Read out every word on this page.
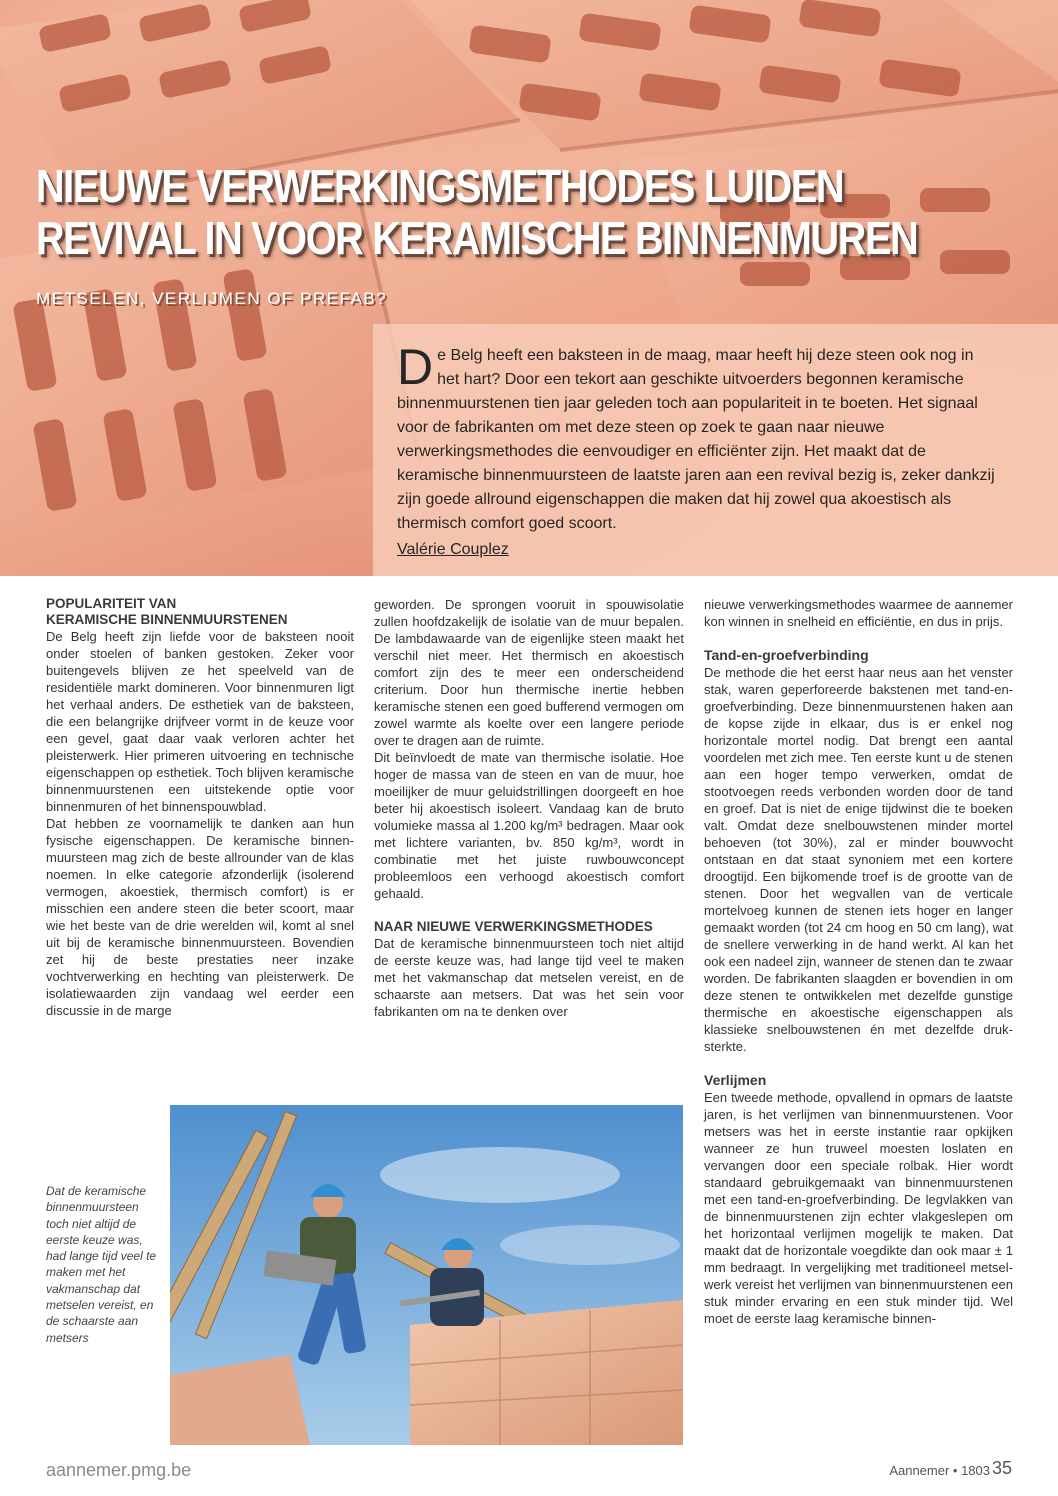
NIEUWE VERWERKINGSMETHODES LUIDEN
REVIVAL IN VOOR KERAMISCHE BINNENMUREN

METSELEN, VERLIJMEN OF PREFAB?

De Belg heeft een baksteen in de maag, maar heeft hij deze steen ook nog in het hart? Door een tekort aan geschikte uitvoerders begonnen keramische binnenmuurstenen tien jaar geleden toch aan populariteit in te boeten. Het signaal voor de fabrikanten om met deze steen op zoek te gaan naar nieuwe verwerkingsmethodes die eenvoudiger en efficiënter zijn. Het maakt dat de keramische binnenmuursteen de laatste jaren aan een revival bezig is, zeker dankzij zijn goede allround eigenschappen die maken dat hij zowel qua akoestisch als thermisch comfort goed scoort.

Valérie Couplez

POPULARITEIT VAN
KERAMISCHE BINNENMUURSTENEN

De Belg heeft zijn liefde voor de baksteen nooit onder stoelen of banken gestoken. Zeker voor buitengevels blijven ze het speelveld van de residentiële markt domineren. Voor binnenmuren ligt het verhaal anders. De esthetiek van de baksteen, die een belangrijke drijfveer vormt in de keuze voor een gevel, gaat daar vaak verloren achter het pleisterwerk. Hier primeren uitvoering en technische eigenschappen op esthetiek. Toch blijven keramische binnenmuurstenen een uitstekende optie voor binnenmuren of het binnenspouwblad.

Dat hebben ze voornamelijk te danken aan hun fysische eigenschappen. De keramische binnenmuursteen mag zich de beste allrounder van de klas noemen. In elke categorie afzonderlijk (isolerend vermogen, akoestiek, thermisch comfort) is er misschien een andere steen die beter scoort, maar wie het beste van de drie werelden wil, komt al snel uit bij de keramische binnenmuursteen. Bovendien zet hij de beste prestaties neer inzake vochtverwerking en hechting van pleisterwerk. De isolatiewaarden zijn vandaag wel eerder een discussie in de marge

geworden. De sprongen vooruit in spouwisolatie zullen hoofdzakelijk de isolatie van de muur bepalen. De lambdawaarde van de eigenlijke steen maakt het verschil niet meer. Het thermisch en akoestisch comfort zijn des te meer een onderscheidend criterium. Door hun thermische inertie hebben keramische stenen een goed bufferend vermogen om zowel warmte als koelte over een langere periode over te dragen aan de ruimte.

Dit beïnvloedt de mate van thermische isolatie. Hoe hoger de massa van de steen en van de muur, hoe moeilijker de muur geluidstrillingen doorgeeft en hoe beter hij akoestisch isoleert. Vandaag kan de bruto volumieke massa al 1.200 kg/m³ bedragen. Maar ook met lichtere varianten, bv. 850 kg/m³, wordt in combinatie met het juiste ruwbouwconcept probleemloos een verhoogd akoestisch comfort gehaald.

NAAR NIEUWE VERWERKINGSMETHODES

Dat de keramische binnenmuursteen toch niet altijd de eerste keuze was, had lange tijd veel te maken met het vakmanschap dat metselen vereist, en de schaarste aan metsers. Dat was het sein voor fabrikanten om na te denken over

nieuwe verwerkingsmethodes waarmee de aannemer kon winnen in snelheid en efficiëntie, en dus in prijs.

Tand-en-groefverbinding

De methode die het eerst haar neus aan het venster stak, waren geperforeerde bakstenen met tand-en-groefverbinding. Deze binnenmuurstenen haken aan de kopse zijde in elkaar, dus is er enkel nog horizontale mortel nodig. Dat brengt een aantal voordelen met zich mee. Ten eerste kunt u de stenen aan een hoger tempo verwerken, omdat de stootvoegen reeds verbonden worden door de tand en groef. Dat is niet de enige tijdwinst die te boeken valt. Omdat deze snelbouwstenen minder mortel behoeven (tot 30%), zal er minder bouwvocht ontstaan en dat staat synoniem met een kortere droogtijd. Een bijkomende troef is de grootte van de stenen. Door het wegvallen van de verticale mortelvoeg kunnen de stenen iets hoger en langer gemaakt worden (tot 24 cm hoog en 50 cm lang), wat de snellere verwerking in de hand werkt. Al kan het ook een nadeel zijn, wanneer de stenen dan te zwaar worden. De fabrikanten slaagden er bovendien in om deze stenen te ontwikkelen met dezelfde gunstige thermische en akoestische eigenschappen als klassieke snelbouwstenen én met dezelfde druksterkte.

Verlijmen

Een tweede methode, opvallend in opmars de laatste jaren, is het verlijmen van binnenmuurstenen. Voor metsers was het in eerste instantie raar opkijken wanneer ze hun truweel moesten loslaten en vervangen door een speciale rolbak. Hier wordt standaard gebruikgemaakt van binnenmuurstenen met een tand-en-groefverbinding. De legvlakken van de binnenmuurstenen zijn echter vlakgeslepen om het horizontaal verlijmen mogelijk te maken. Dat maakt dat de horizontale voegdikte dan ook maar ± 1 mm bedraagt. In vergelijking met traditioneel metselwerk vereist het verlijmen van binnenmuurstenen een stuk minder ervaring en een stuk minder tijd. Wel moet de eerste laag keramische binnen-

Dat de keramische binnenmuursteen toch niet altijd de eerste keuze was, had lange tijd veel te maken met het vakmanschap dat metselen vereist, en de schaarste aan metsers

aannemer.pmg.be	Aannemer • 1803 35
